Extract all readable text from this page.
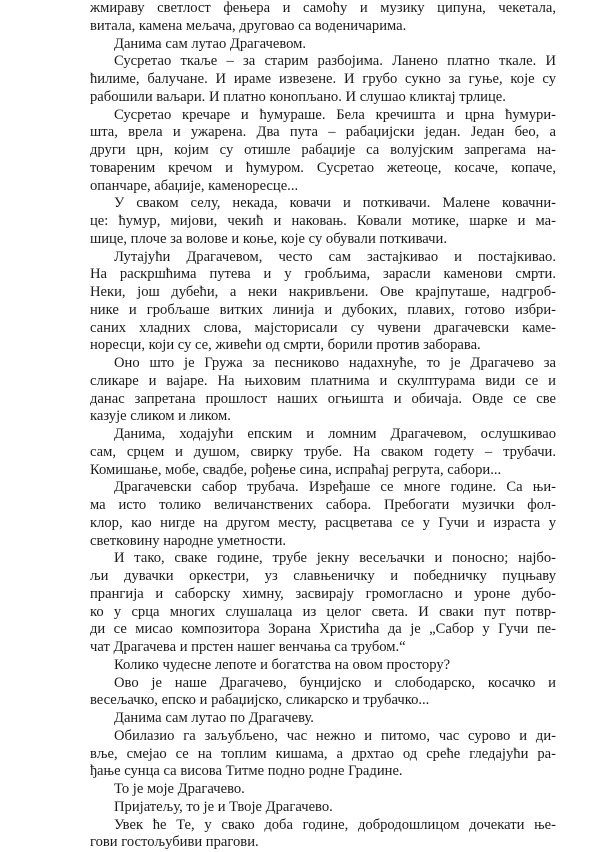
жмираву светлост фењера и самоћу и музику ципуна, чекетала,
витала, камена мељача, друговао са воденичарима.

Данима сам лутао Драгачевом.

Сусретао ткаље – за старим разбојима. Ланено платно ткале. И
ћилиме, балучане. И ираме извезене. И грубо сукно за гуње, које су
рабошили ваљари. И платно конопљано. И слушао кликтај трлице.

Сусретао кречаре и ћумураше. Бела кречишта и црна ћумури-
шта, врела и ужарена. Два пута – рабаџијски један. Један бео, а
други црн, којим су отишле рабаџије са волујским запрегама на-
товареним кречом и ћумуром. Сусретао жетеоце, косаче, копаче,
опанчаре, абаџије, каменоресце...

У сваком селу, некада, ковачи и поткивачи. Малене ковачни-
це: ћумур, мијови, чекић и наковањ. Ковали мотике, шарке и ма-
шице, плоче за волове и коње, које су обували поткивачи.

Лутајући Драгачевом, често сам застајкивао и постајкивао.
На раскршћима путева и у грoбљима, зарасли каменови смрти.
Неки, још дубећи, а неки накривљени. Ове крајпуташе, надгроб-
нике и гробљаше витких линија и дубоких, плавих, готово избри-
саних хладних слова, мајсторисали су чувени драгачевски камe-
нoресци, који су се, живећи од смрти, борили против заборава.

Оно што је Гружа за песниково надахнуће, то је Драгачево за
сликаре и вајаре. На њиховим платнима и скулптурама види се и
данас запретана прошлост наших огњишта и обичаја. Овде се све
казује сликом и ликом.

Данима, ходајући епским и ломним Драгачевом, ослушкивао
сам, срцем и душом, свирку трубе. На сваком годету – трубачи.
Комишање, мобе, свадбе, рођење сина, испраћај регрута, сабори...

Драгачевски сабор трубача. Изређаше се многе године. Са њи-
ма исто толико величанствених сабора. Пребогати музички фол-
клор, као нигде на другом месту, расцветава се у Гучи и израста у
светковину народне уметности.

И тако, сваке године, трубе јекну весељачки и поносно; најбо-
љи дувачки оркестри, уз славњеничку и победничку пуцњаву
прангија и саборску химну, засвирају громогласно и уроне дубо-
ко у срца многих слушалаца из целог света. И сваки пут потвр-
ди се мисао композитора Зорана Христића да је „Сабор у Гучи пе-
чат Драгачева и прстен нашег венчања са трубом.“

Колико чудесне лепоте и богатства на овом простору?

Ово је наше Драгачево, бунџијско и слободарско, косачко и
весељачко, епско и рабаџијско, сликарско и трубачко...

Данима сам лутао по Драгачеву.

Обилазио га заљубљено, час нежно и питомо, час сурово и ди-
вље, смејао се на топлим кишама, а дрхтао од среће гледајући ра-
ђање сунца са висова Титме подно родне Градине.

То је моје Драгачево.

Пријатељу, то је и Твоје Драгачево.

Увек ће Те, у свако доба године, добродошлицом дочекати ње-
гови гостољубиви прагови.
